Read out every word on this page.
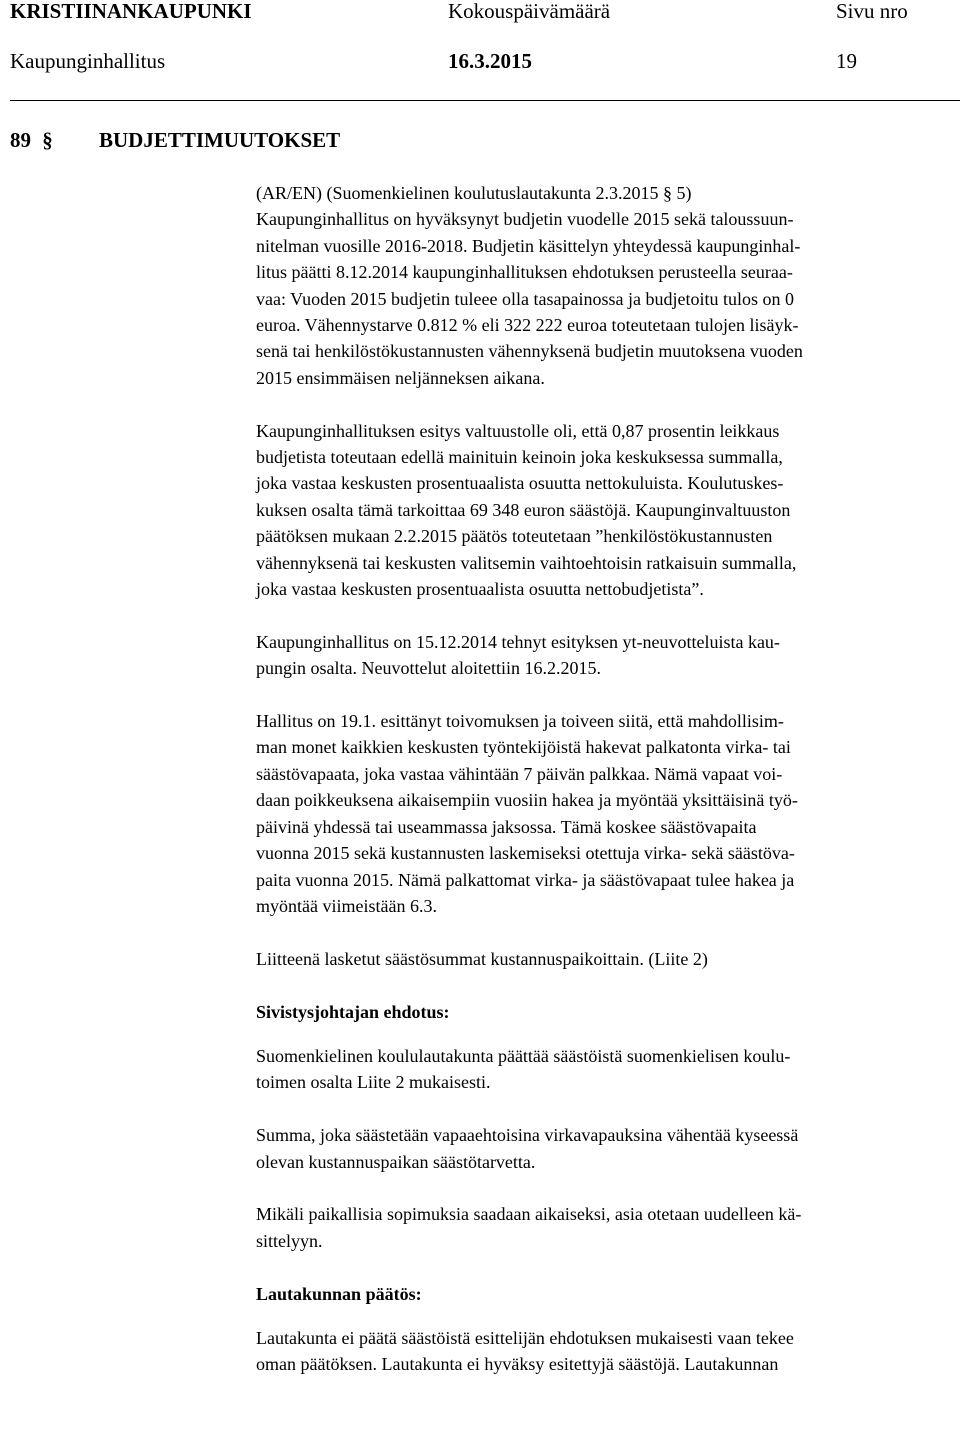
KRISTIINANKAUPUNKI	Kokouspäivämäärä	Sivu nro
Kaupunginhallitus	16.3.2015	19
89 § BUDJETTIMUUTOKSET

(AR/EN) (Suomenkielinen koulutuslautakunta 2.3.2015 § 5)
Kaupunginhallitus on hyväksynyt budjetin vuodelle 2015 sekä taloussuun-
nitelman vuosille 2016-2018. Budjetin käsittelyn yhteydessä kaupunginhal-
litus päätti 8.12.2014 kaupunginhallituksen ehdotuksen perusteella seuraa-
vaa: Vuoden 2015 budjetin tuleee olla tasapainossa ja budjetoitu tulos on 0
euroa. Vähennystarve 0.812 % eli 322 222 euroa toteutetaan tulojen lisäyk-
senä tai henkilöstökustannusten vähennyksenä budjetin muutoksena vuoden
2015 ensimmäisen neljänneksen aikana.

Kaupunginhallituksen esitys valtuustolle oli, että 0,87 prosentin leikkaus
budjetista toteutaan edellä mainituin keinoin joka keskuksessa summalla,
joka vastaa keskusten prosentuaalista osuutta nettokuluista. Koulutuskes-
kuksen osalta tämä tarkoittaa 69 348 euron säästöjä. Kaupunginvaltuuston
päätöksen mukaan 2.2.2015 päätös toteutetaan ”henkilöstökustannusten
vähennyksenä tai keskusten valitsemin vaihtoehtoisin ratkaisuin summalla,
joka vastaa keskusten prosentuaalista osuutta nettobudjetista”.

Kaupunginhallitus on 15.12.2014 tehnyt esityksen yt-neuvotteluista kau-
pungin osalta. Neuvottelut aloitettiin 16.2.2015.

Hallitus on 19.1. esittänyt toivomuksen ja toiveen siitä, että mahdollisim-
man monet kaikkien keskusten työntekijöistä hakevat palkatonta virka- tai
säästövapaata, joka vastaa vähintään 7 päivän palkkaa. Nämä vapaat voi-
daan poikkeuksena aikaisempiin vuosiin hakea ja myöntää yksittäisinä työ-
päivinä yhdessä tai useammassa jaksossa. Tämä koskee säästövapaita
vuonna 2015 sekä kustannusten laskemiseksi otettuja virka- sekä säästöva-
paita vuonna 2015. Nämä palkattomat virka- ja säästövapaat tulee hakea ja
myöntää viimeistään 6.3.

Liitteenä lasketut säästösummat kustannuspaikoittain. (Liite 2)

Sivistysjohtajan ehdotus:

Suomenkielinen koululautakunta päättää säästöistä suomenkielisen koulu-
toimen osalta Liite 2 mukaisesti.

Summa, joka säästetään vapaaehtoisina virkavapauksina vähentää kyseessä
olevan kustannuspaikan säästötarvetta.

Mikäli paikallisia sopimuksia saadaan aikaiseksi, asia otetaan uudelleen kä-
sittelyyn.

Lautakunnan päätös:

Lautakunta ei päätä säästöistä esittelijän ehdotuksen mukaisesti vaan tekee
oman päätöksen. Lautakunta ei hyväksy esitettyjä säästöjä. Lautakunnan
